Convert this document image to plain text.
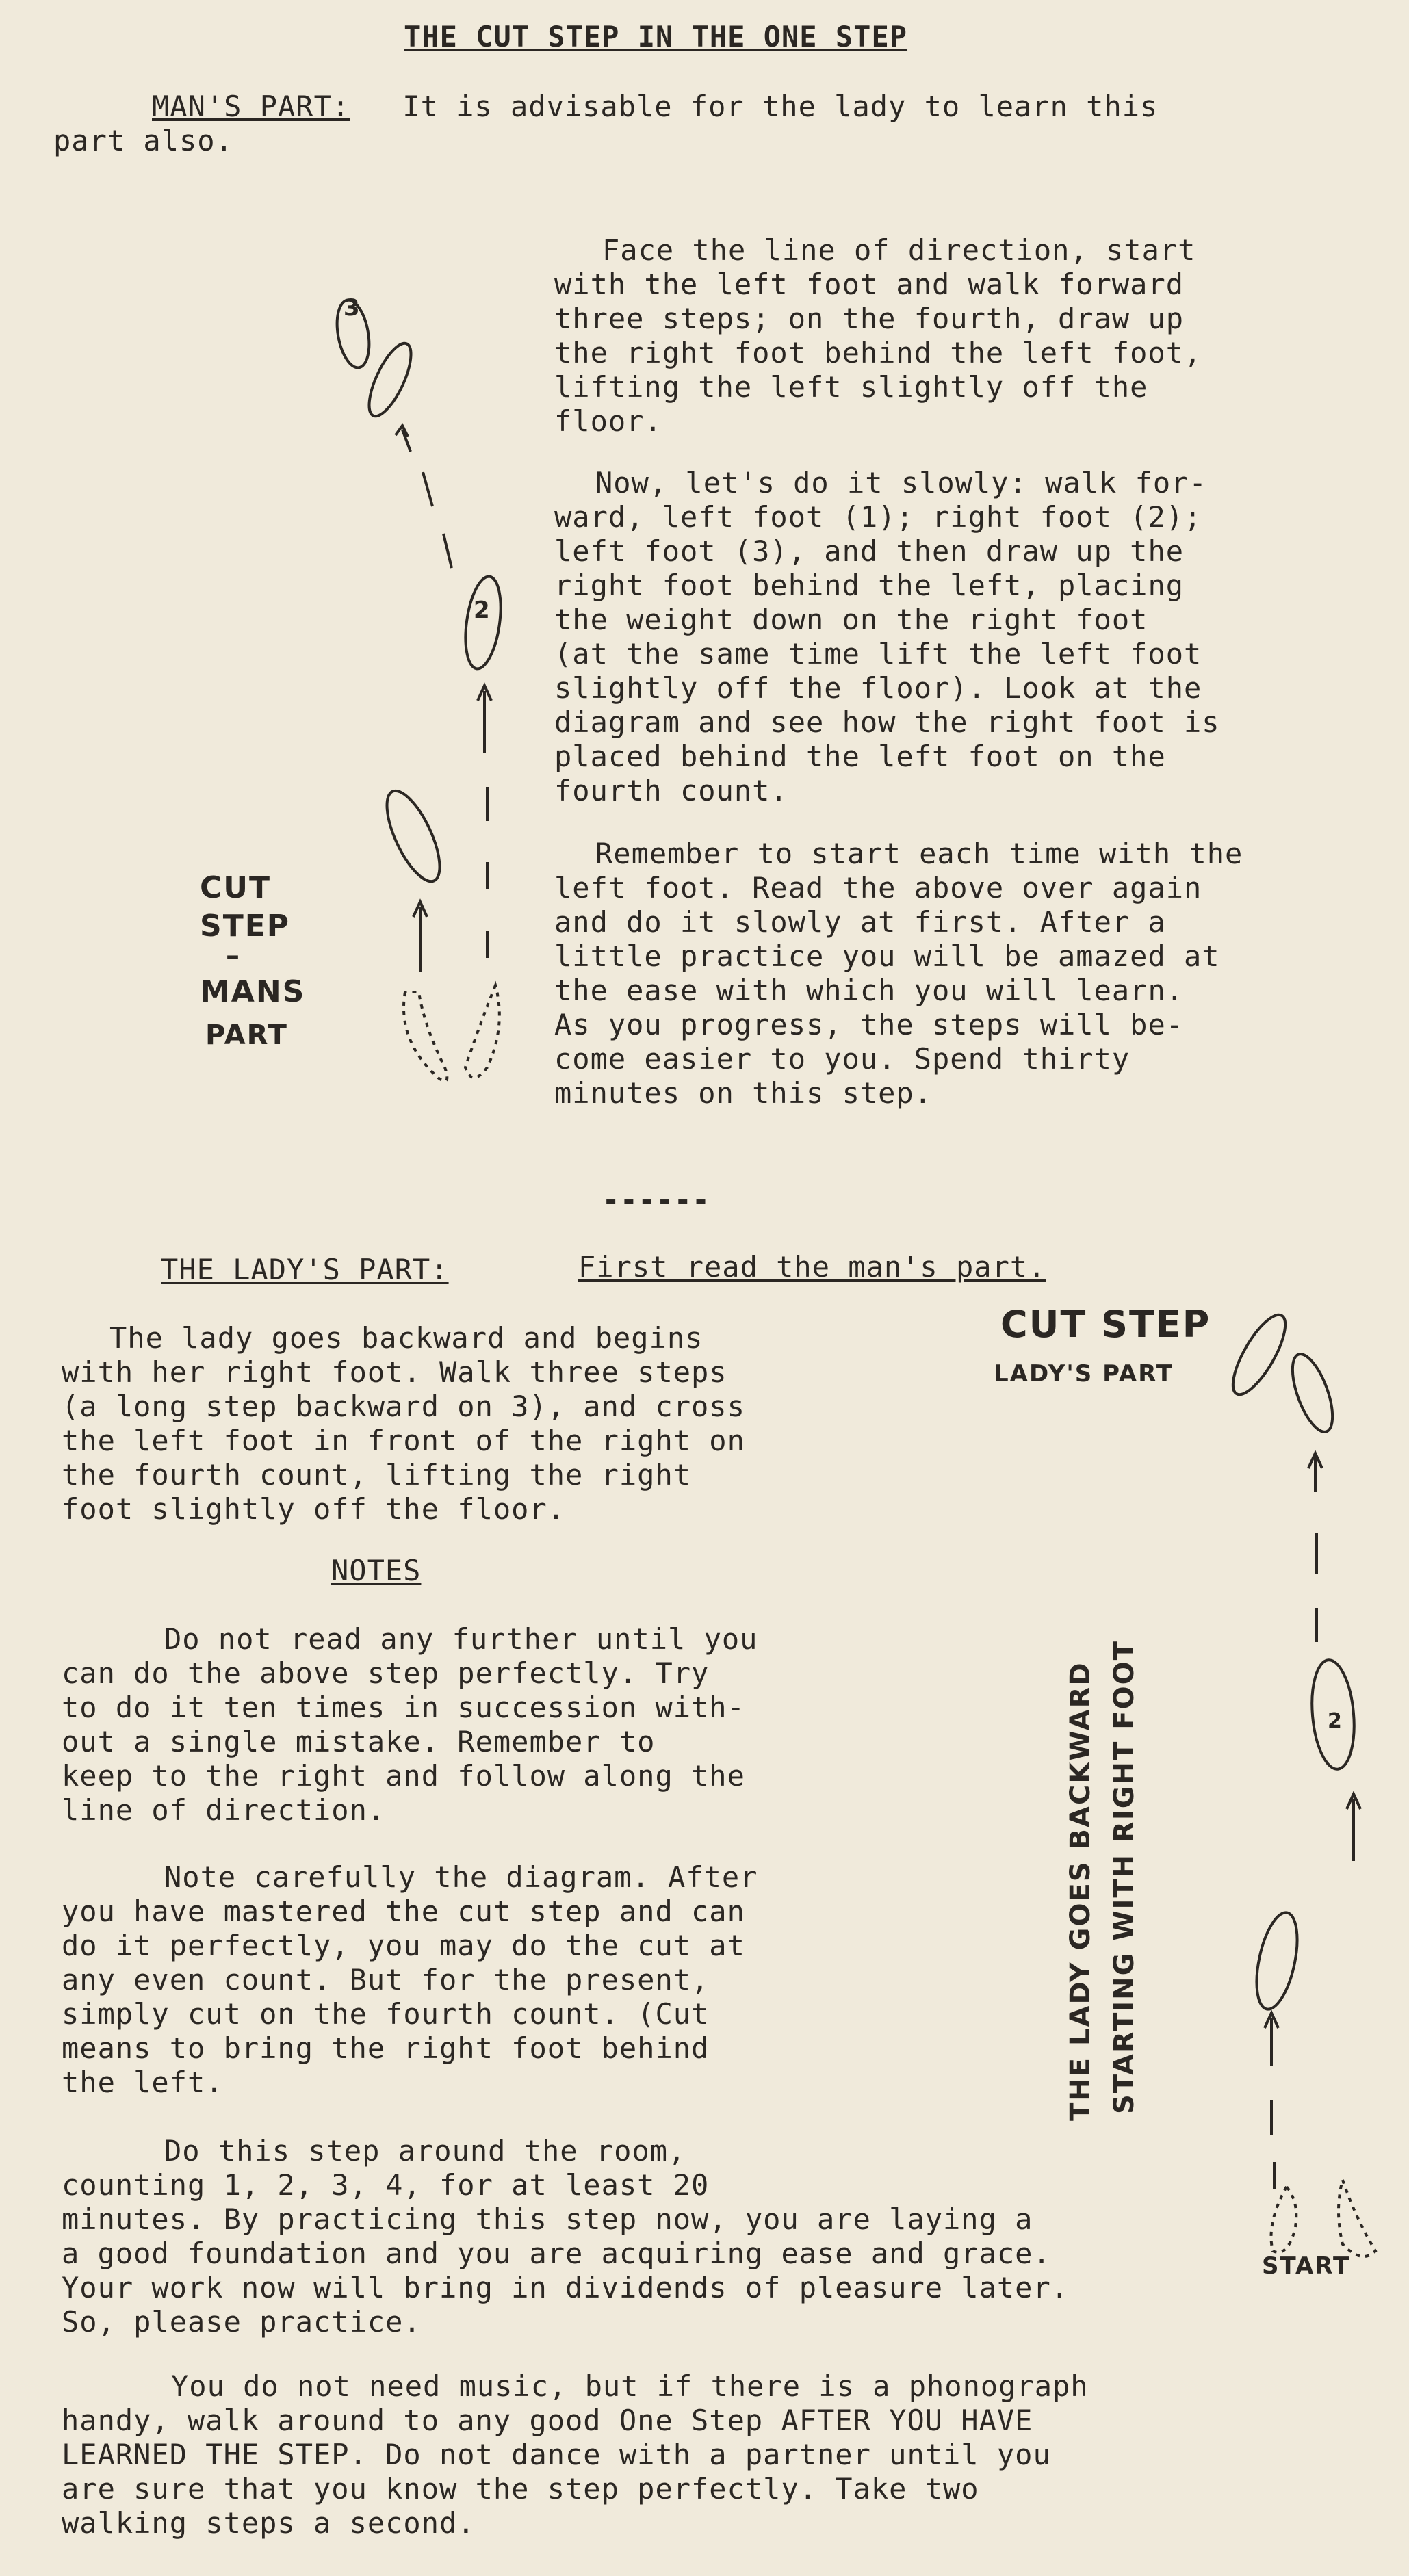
THE CUT STEP IN THE ONE STEP
MAN'S PART: It is advisable for the lady to learn this
part also.
Face the line of direction, start
with the left foot and walk forward
three steps; on the fourth, draw up
the right foot behind the left foot,
lifting the left slightly off the
floor.
Now, let's do it slowly: walk for-
ward, left foot (1); right foot (2);
left foot (3), and then draw up the
right foot behind the left, placing
the weight down on the right foot
(at the same time lift the left foot
slightly off the floor). Look at the
diagram and see how the right foot is
placed behind the left foot on the
fourth count.
Remember to start each time with the
left foot. Read the above over again
and do it slowly at first. After a
little practice you will be amazed at
the ease with which you will learn.
As you progress, the steps will be-
come easier to you. Spend thirty
minutes on this step.
CUT
STEP
–
MANS
PART
3
2
------
THE LADY'S PART:	First read the man's part.
The lady goes backward and begins
with her right foot. Walk three steps
(a long step backward on 3), and cross
the left foot in front of the right on
the fourth count, lifting the right
foot slightly off the floor.
CUT STEP
LADY'S PART
THE LADY GOES BACKWARD STARTING WITH RIGHT FOOT	2
START
NOTES
Do not read any further until you
can do the above step perfectly. Try
to do it ten times in succession with-
out a single mistake. Remember to
keep to the right and follow along the
line of direction.
Note carefully the diagram. After
you have mastered the cut step and can
do it perfectly, you may do the cut at
any even count. But for the present,
simply cut on the fourth count. (Cut
means to bring the right foot behind
the left.
Do this step around the room,
counting 1, 2, 3, 4, for at least 20
minutes. By practicing this step now, you are laying a
a good foundation and you are acquiring ease and grace.
Your work now will bring in dividends of pleasure later.
So, please practice.
You do not need music, but if there is a phonograph
handy, walk around to any good One Step AFTER YOU HAVE
LEARNED THE STEP. Do not dance with a partner until you
are sure that you know the step perfectly. Take two
walking steps a second.
